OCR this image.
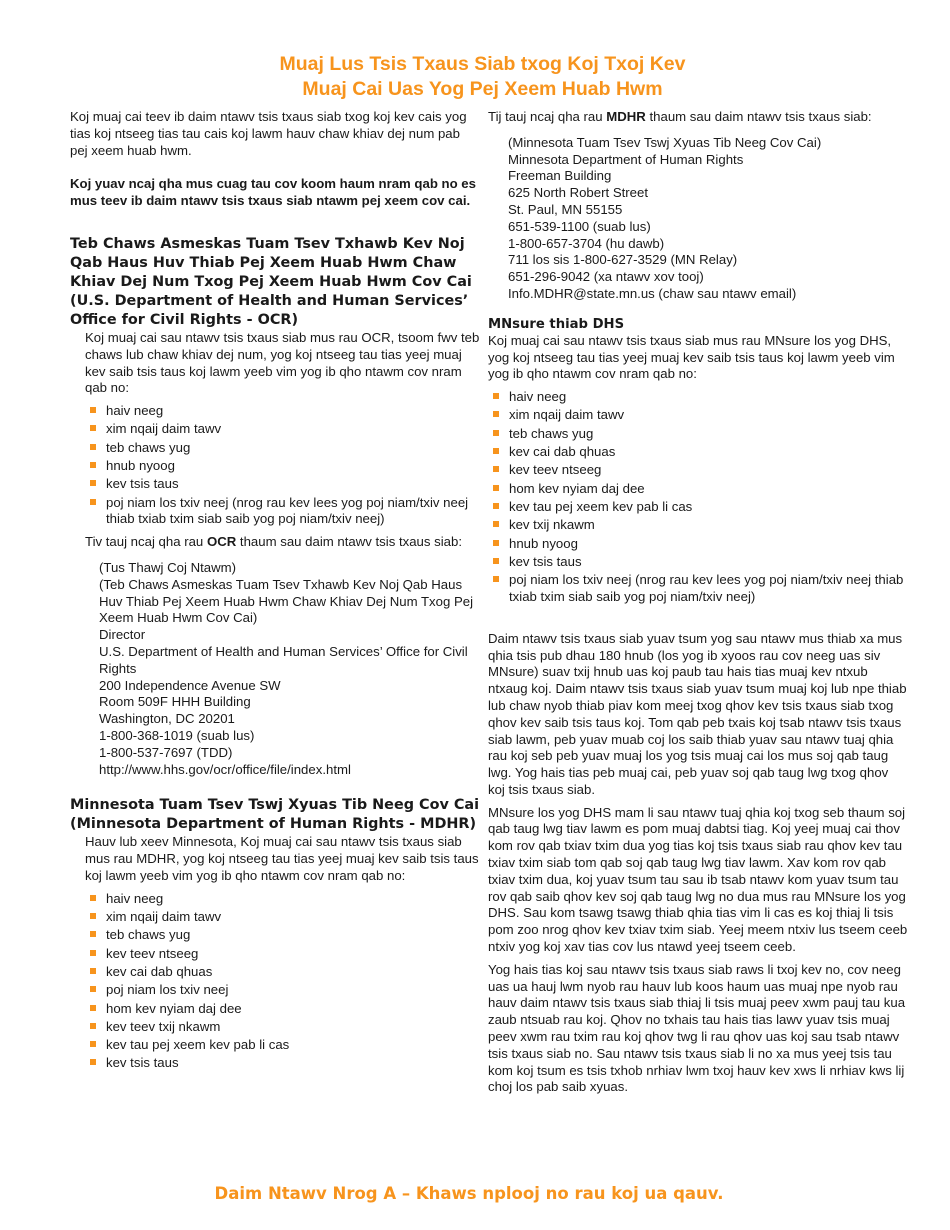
Muaj Lus Tsis Txaus Siab txog Koj Txoj Kev
Muaj Cai Uas Yog Pej Xeem Huab Hwm

Koj muaj cai teev ib daim ntawv tsis txaus siab txog koj kev cais yog tias koj ntseeg tias tau cais koj lawm hauv chaw khiav dej num pab pej xeem huab hwm.

Koj yuav ncaj qha mus cuag tau cov koom haum nram qab no es mus teev ib daim ntawv tsis txaus siab ntawm pej xeem cov cai.

Teb Chaws Asmeskas Tuam Tsev Txhawb Kev Noj Qab Haus Huv Thiab Pej Xeem Huab Hwm Chaw Khiav Dej Num Txog Pej Xeem Huab Hwm Cov Cai (U.S. Department of Health and Human Services’ Office for Civil Rights - OCR)

Koj muaj cai sau ntawv tsis txaus siab mus rau OCR, tsoom fwv teb chaws lub chaw khiav dej num, yog koj ntseeg tau tias yeej muaj kev saib tsis taus koj lawm yeeb vim yog ib qho ntawm cov nram qab no:

haiv neeg
xim nqaij daim tawv
teb chaws yug
hnub nyoog
kev tsis taus
poj niam los txiv neej (nrog rau kev lees yog poj niam/txiv neej thiab txiab txim siab saib yog poj niam/txiv neej)

Tiv tauj ncaj qha rau OCR thaum sau daim ntawv tsis txaus siab:

(Tus Thawj Coj Ntawm)

(Teb Chaws Asmeskas Tuam Tsev Txhawb Kev Noj Qab Haus Huv Thiab Pej Xeem Huab Hwm Chaw Khiav Dej Num Txog Pej Xeem Huab Hwm Cov Cai)

Director

U.S. Department of Health and Human Services’ Office for Civil Rights

200 Independence Avenue SW

Room 509F HHH Building

Washington, DC 20201

1-800-368-1019 (suab lus)

1-800-537-7697 (TDD)

http://www.hhs.gov/ocr/office/file/index.html

Minnesota Tuam Tsev Tswj Xyuas Tib Neeg Cov Cai (Minnesota Department of Human Rights - MDHR)

Hauv lub xeev Minnesota, Koj muaj cai sau ntawv tsis txaus siab mus rau MDHR, yog koj ntseeg tau tias yeej muaj kev saib tsis taus koj lawm yeeb vim yog ib qho ntawm cov nram qab no:

haiv neeg
xim nqaij daim tawv
teb chaws yug
kev teev ntseeg
kev cai dab qhuas
poj niam los txiv neej
hom kev nyiam daj dee
kev teev txij nkawm
kev tau pej xeem kev pab li cas
kev tsis taus

Tij tauj ncaj qha rau MDHR thaum sau daim ntawv tsis txaus siab:

(Minnesota Tuam Tsev Tswj Xyuas Tib Neeg Cov Cai)

Minnesota Department of Human Rights

Freeman Building

625 North Robert Street

St. Paul, MN 55155

651-539-1100 (suab lus)

1-800-657-3704 (hu dawb)

711 los sis 1-800-627-3529 (MN Relay)

651-296-9042 (xa ntawv xov tooj)

Info.MDHR@state.mn.us (chaw sau ntawv email)

MNsure thiab DHS

Koj muaj cai sau ntawv tsis txaus siab mus rau MNsure los yog DHS, yog koj ntseeg tau tias yeej muaj kev saib tsis taus koj lawm yeeb vim yog ib qho ntawm cov nram qab no:

haiv neeg
xim nqaij daim tawv
teb chaws yug
kev cai dab qhuas
kev teev ntseeg
hom kev nyiam daj dee
kev tau pej xeem kev pab li cas
kev txij nkawm
hnub nyoog
kev tsis taus
poj niam los txiv neej (nrog rau kev lees yog poj niam/txiv neej thiab txiab txim siab saib yog poj niam/txiv neej)

Daim ntawv tsis txaus siab yuav tsum yog sau ntawv mus thiab xa mus qhia tsis pub dhau 180 hnub (los yog ib xyoos rau cov neeg uas siv MNsure) suav txij hnub uas koj paub tau hais tias muaj kev ntxub ntxaug koj. Daim ntawv tsis txaus siab yuav tsum muaj koj lub npe thiab lub chaw nyob thiab piav kom meej txog qhov kev tsis txaus siab txog qhov kev saib tsis taus koj. Tom qab peb txais koj tsab ntawv tsis txaus siab lawm, peb yuav muab coj los saib thiab yuav sau ntawv tuaj qhia rau koj seb peb yuav muaj los yog tsis muaj cai los mus soj qab taug lwg. Yog hais tias peb muaj cai, peb yuav soj qab taug lwg txog qhov koj tsis txaus siab.

MNsure los yog DHS mam li sau ntawv tuaj qhia koj txog seb thaum soj qab taug lwg tiav lawm es pom muaj dabtsi tiag. Koj yeej muaj cai thov kom rov qab txiav txim dua yog tias koj tsis txaus siab rau qhov kev tau txiav txim siab tom qab soj qab taug lwg tiav lawm. Xav kom rov qab txiav txim dua, koj yuav tsum tau sau ib tsab ntawv kom yuav tsum tau rov qab saib qhov kev soj qab taug lwg no dua mus rau MNsure los yog DHS. Sau kom tsawg tsawg thiab qhia tias vim li cas es koj thiaj li tsis pom zoo nrog qhov kev txiav txim siab. Yeej meem ntxiv lus tseem ceeb ntxiv yog koj xav tias cov lus ntawd yeej tseem ceeb.

Yog hais tias koj sau ntawv tsis txaus siab raws li txoj kev no, cov neeg uas ua hauj lwm nyob rau hauv lub koos haum uas muaj npe nyob rau hauv daim ntawv tsis txaus siab thiaj li tsis muaj peev xwm pauj tau kua zaub ntsuab rau koj. Qhov no txhais tau hais tias lawv yuav tsis muaj peev xwm rau txim rau koj qhov twg li rau qhov uas koj sau tsab ntawv tsis txaus siab no. Sau ntawv tsis txaus siab li no xa mus yeej tsis tau kom koj tsum es tsis txhob nrhiav lwm txoj hauv kev xws li nrhiav kws lij choj los pab saib xyuas.

Daim Ntawv Nrog A – Khaws nplooj no rau koj ua qauv.
